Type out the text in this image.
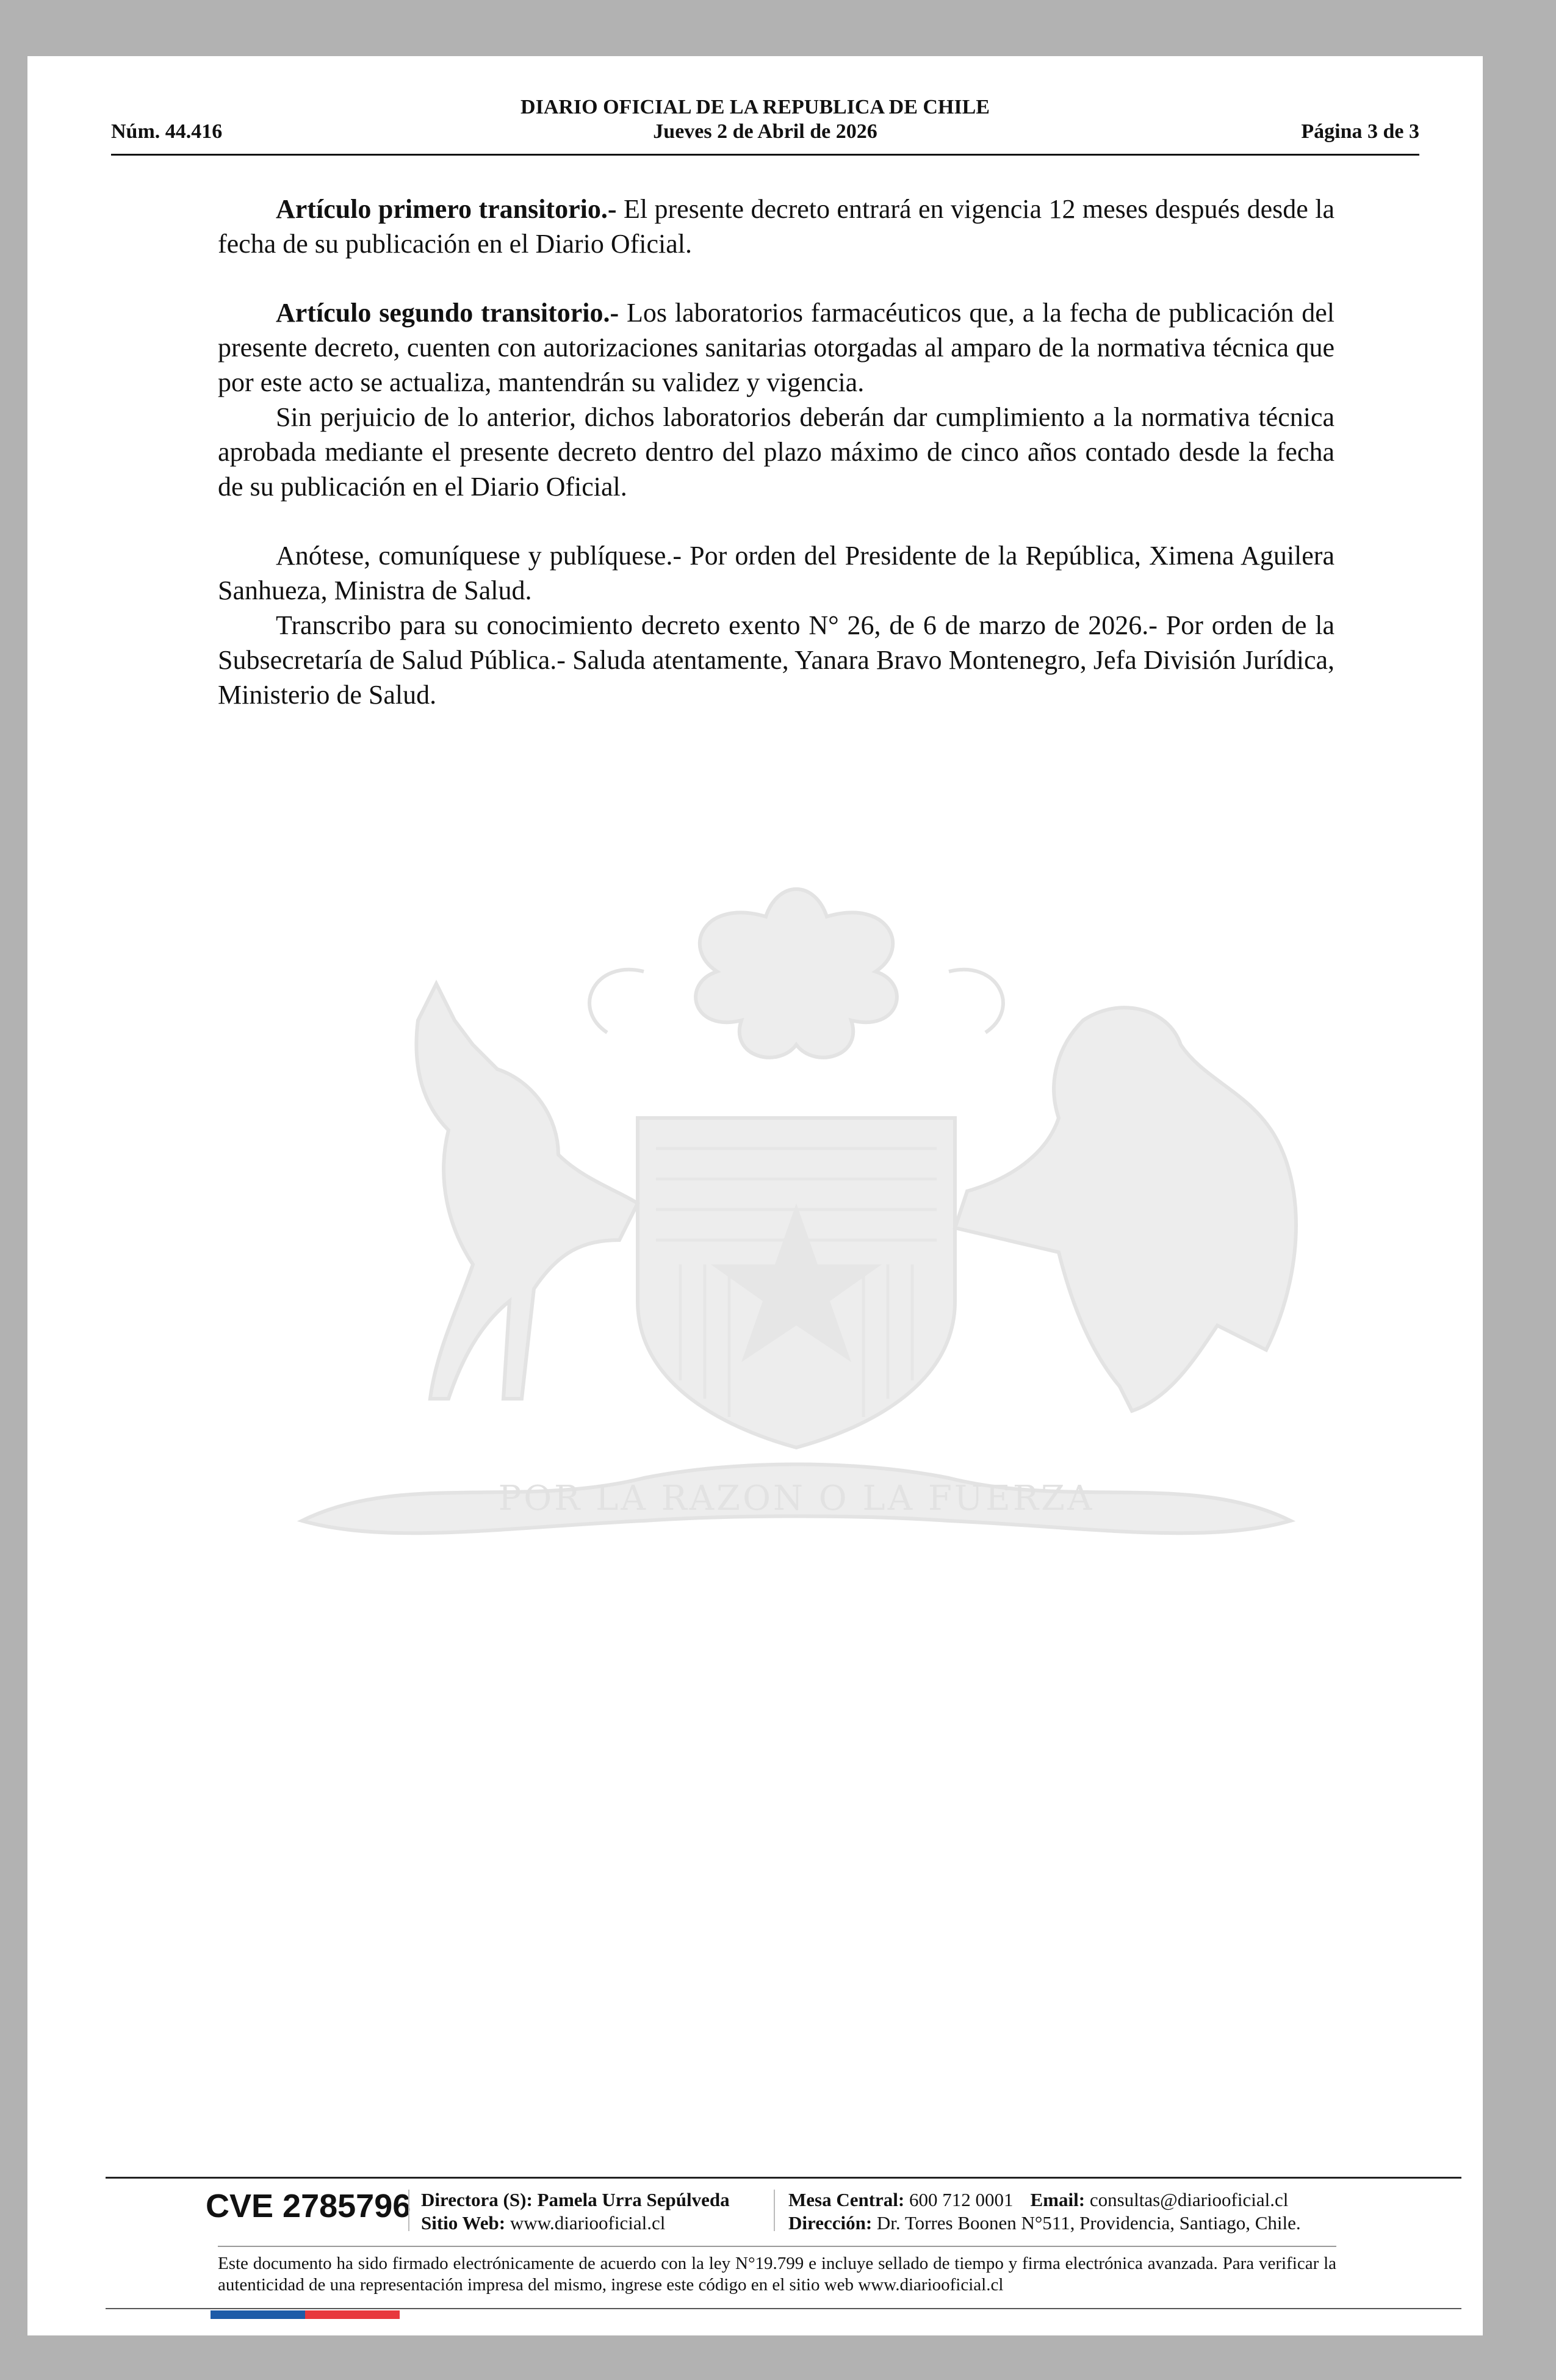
DIARIO OFICIAL DE LA REPUBLICA DE CHILE
Núm. 44.416	Jueves 2 de Abril de 2026	Página 3 de 3

Artículo primero transitorio.- El presente decreto entrará en vigencia 12 meses después desde la fecha de su publicación en el Diario Oficial.

Artículo segundo transitorio.- Los laboratorios farmacéuticos que, a la fecha de publicación del presente decreto, cuenten con autorizaciones sanitarias otorgadas al amparo de la normativa técnica que por este acto se actualiza, mantendrán su validez y vigencia.

Sin perjuicio de lo anterior, dichos laboratorios deberán dar cumplimiento a la normativa técnica aprobada mediante el presente decreto dentro del plazo máximo de cinco años contado desde la fecha de su publicación en el Diario Oficial.

Anótese, comuníquese y publíquese.- Por orden del Presidente de la República, Ximena Aguilera Sanhueza, Ministra de Salud.

Transcribo para su conocimiento decreto exento N° 26, de 6 de marzo de 2026.- Por orden de la Subsecretaría de Salud Pública.- Saluda atentamente, Yanara Bravo Montenegro, Jefa División Jurídica, Ministerio de Salud.

POR LA RAZON O LA FUERZA
CVE 2785796 Directora (S): Pamela Urra Sepúlveda
Sitio Web: www.diariooficial.cl
Mesa Central: 600 712 0001 Email: consultas@diariooficial.cl
Dirección: Dr. Torres Boonen N°511, Providencia, Santiago, Chile.
Este documento ha sido firmado electrónicamente de acuerdo con la ley N°19.799 e incluye sellado de tiempo y firma electrónica avanzada. Para verificar la autenticidad de una representación impresa del mismo, ingrese este código en el sitio web www.diariooficial.cl
